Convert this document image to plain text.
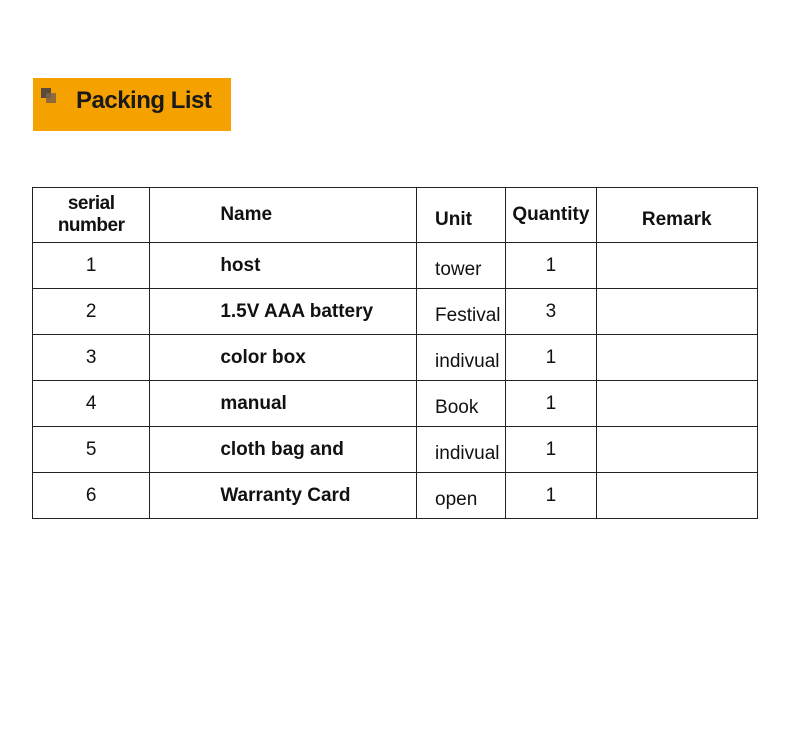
Packing List
serial number	Name	Unit	Quantity	Remark
1	host	tower	1	
2	1.5V AAA battery	Festival	3	
3	color box	indivual	1	
4	manual	Book	1	
5	cloth bag and	indivual	1	
6	Warranty Card	open	1	
